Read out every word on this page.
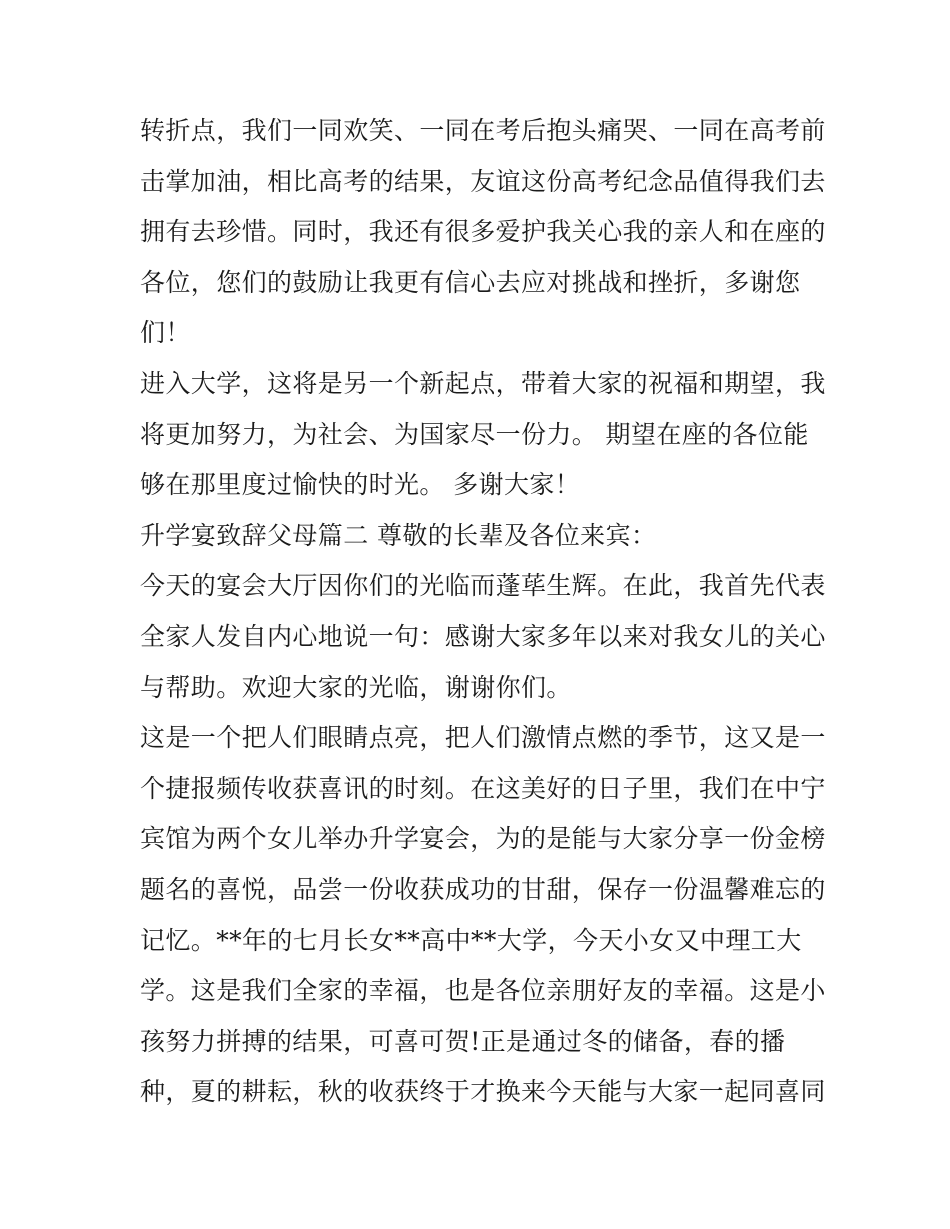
转折点，我们一同欢笑、一同在考后抱头痛哭、一同在高考前
击掌加油，相比高考的结果，友谊这份高考纪念品值得我们去
拥有去珍惜。同时，我还有很多爱护我关心我的亲人和在座的
各位，您们的鼓励让我更有信心去应对挑战和挫折，多谢您
们！
进入大学，这将是另一个新起点，带着大家的祝福和期望，我
将更加努力，为社会、为国家尽一份力。 期望在座的各位能
够在那里度过愉快的时光。 多谢大家！
升学宴致辞父母篇二 尊敬的长辈及各位来宾：
今天的宴会大厅因你们的光临而蓬荜生辉。在此，我首先代表
全家人发自内心地说一句：感谢大家多年以来对我女儿的关心
与帮助。欢迎大家的光临，谢谢你们。
这是一个把人们眼睛点亮，把人们激情点燃的季节，这又是一
个捷报频传收获喜讯的时刻。在这美好的日子里，我们在中宁
宾馆为两个女儿举办升学宴会，为的是能与大家分享一份金榜
题名的喜悦，品尝一份收获成功的甘甜，保存一份温馨难忘的
记忆。**年的七月长女**高中**大学，今天小女又中理工大
学。这是我们全家的幸福，也是各位亲朋好友的幸福。这是小
孩努力拼搏的结果，可喜可贺!正是通过冬的储备，春的播
种，夏的耕耘，秋的收获终于才换来今天能与大家一起同喜同
